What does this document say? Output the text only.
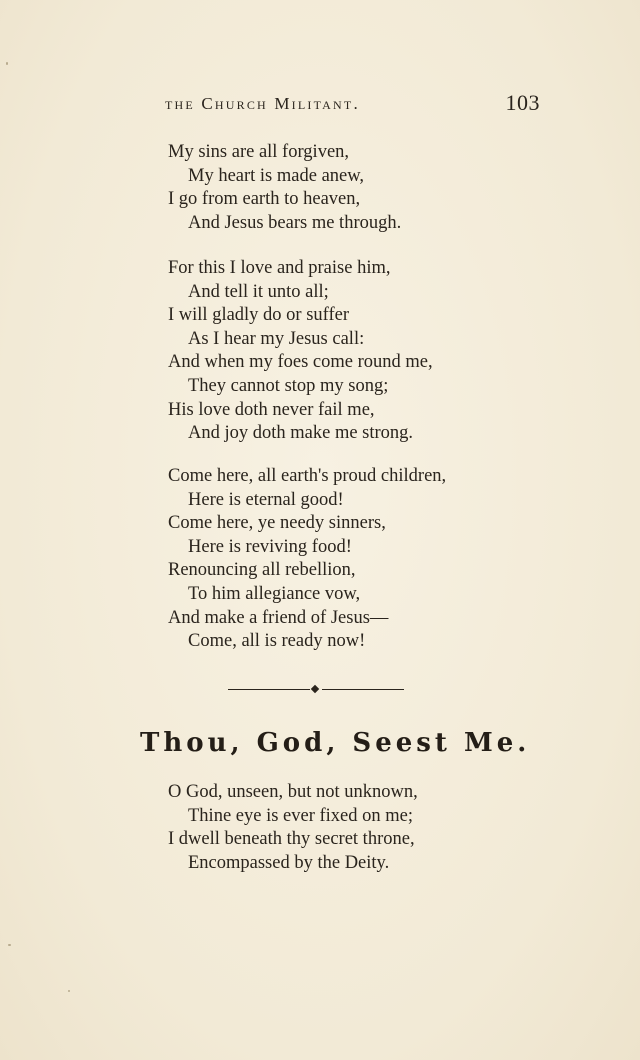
the Church Militant.	103
My sins are all forgiven,
My heart is made anew,
I go from earth to heaven,
And Jesus bears me through.
For this I love and praise him,
And tell it unto all;
I will gladly do or suffer
As I hear my Jesus call:
And when my foes come round me,
They cannot stop my song;
His love doth never fail me,
And joy doth make me strong.
Come here, all earth's proud children,
Here is eternal good!
Come here, ye needy sinners,
Here is reviving food!
Renouncing all rebellion,
To him allegiance vow,
And make a friend of Jesus—
Come, all is ready now!
Thou, God, Seest Me.
O God, unseen, but not unknown,
Thine eye is ever fixed on me;
I dwell beneath thy secret throne,
Encompassed by the Deity.
